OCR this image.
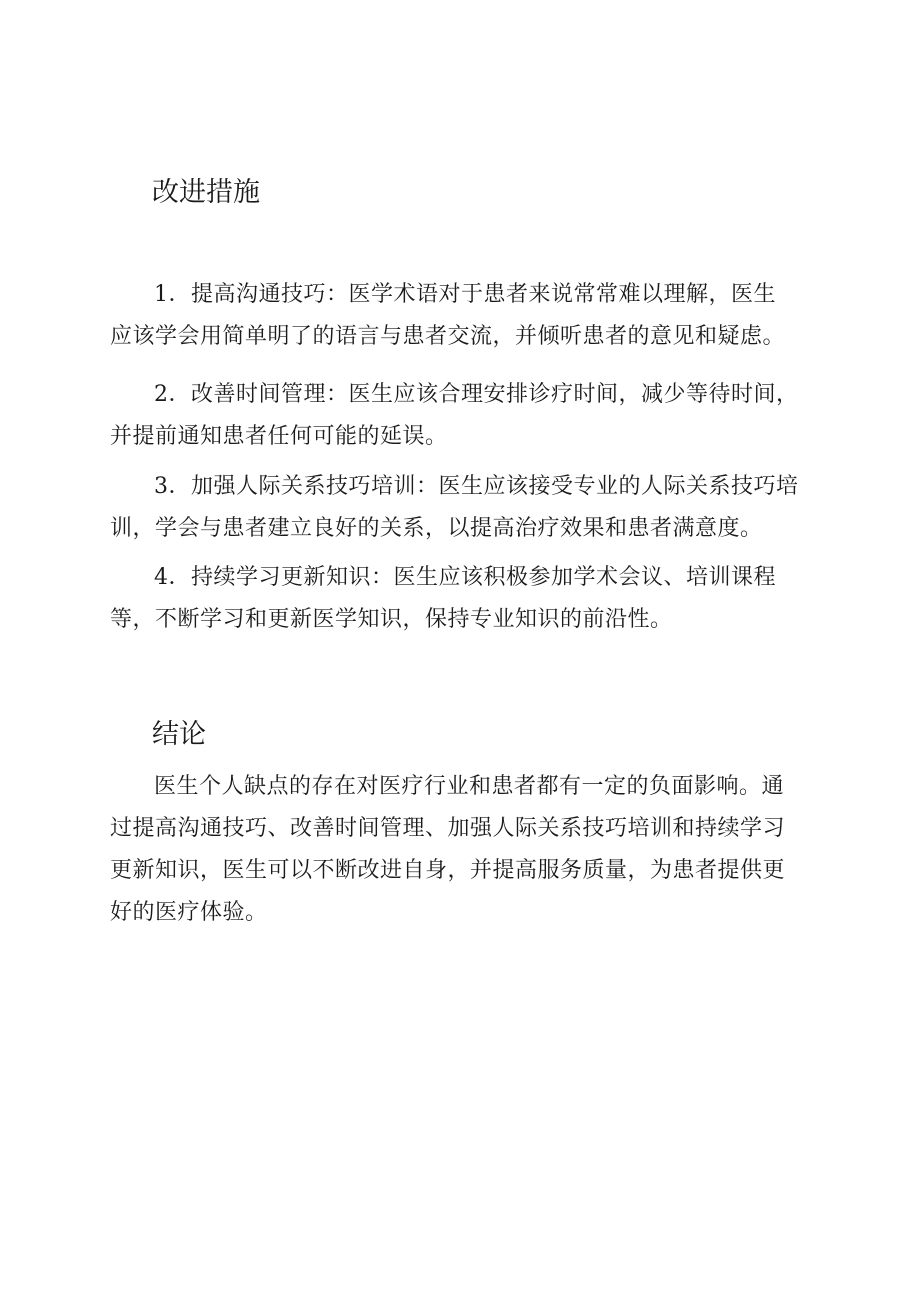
改进措施

1．提高沟通技巧：医学术语对于患者来说常常难以理解，医生
应该学会用简单明了的语言与患者交流，并倾听患者的意见和疑虑。

2．改善时间管理：医生应该合理安排诊疗时间，减少等待时间，
并提前通知患者任何可能的延误。

3．加强人际关系技巧培训：医生应该接受专业的人际关系技巧培
训，学会与患者建立良好的关系，以提高治疗效果和患者满意度。

4．持续学习更新知识：医生应该积极参加学术会议、培训课程
等，不断学习和更新医学知识，保持专业知识的前沿性。

结论

医生个人缺点的存在对医疗行业和患者都有一定的负面影响。通
过提高沟通技巧、改善时间管理、加强人际关系技巧培训和持续学习
更新知识，医生可以不断改进自身，并提高服务质量，为患者提供更
好的医疗体验。
